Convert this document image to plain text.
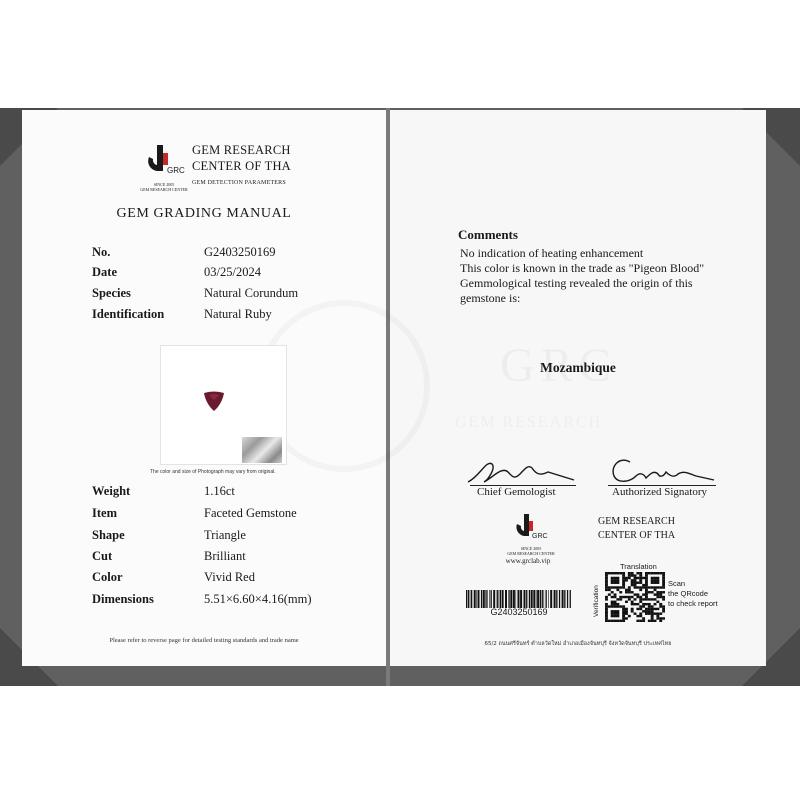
GRC
SINCE 2005
GEM RESEARCH CENTER
GEM RESEARCH
CENTER OF THA
GEM DETECTION PARAMETERS
GEM GRADING MANUAL
No.	G2403250169
Date	03/25/2024
Species	Natural Corundum
Identification	Natural Ruby
The color and size of Photograph may vary from original.
Weight	1.16ct
Item	Faceted Gemstone
Shape	Triangle
Cut	Brilliant
Color	Vivid Red
Dimensions	5.51×6.60×4.16(mm)
Please refer to reverse page for detailed testing standards and trade name
Comments
No indication of heating enhancement
This color is known in the trade as "Pigeon Blood"
Gemmological testing revealed the origin of this
gemstone is:
Mozambique
Chief Gemologist	Authorized Signatory
GRC
SINCE 2005
GEM RESEARCH CENTER
www.grclab.vip
GEM RESEARCH
CENTER OF THA
G2403250169
Translation
Verification
Scan
the QRcode
to check report
65/2 ถนนศรีจันทร์ ตำบลวัดใหม่ อำเภอเมืองจันทบุรี จังหวัดจันทบุรี ประเทศไทย
